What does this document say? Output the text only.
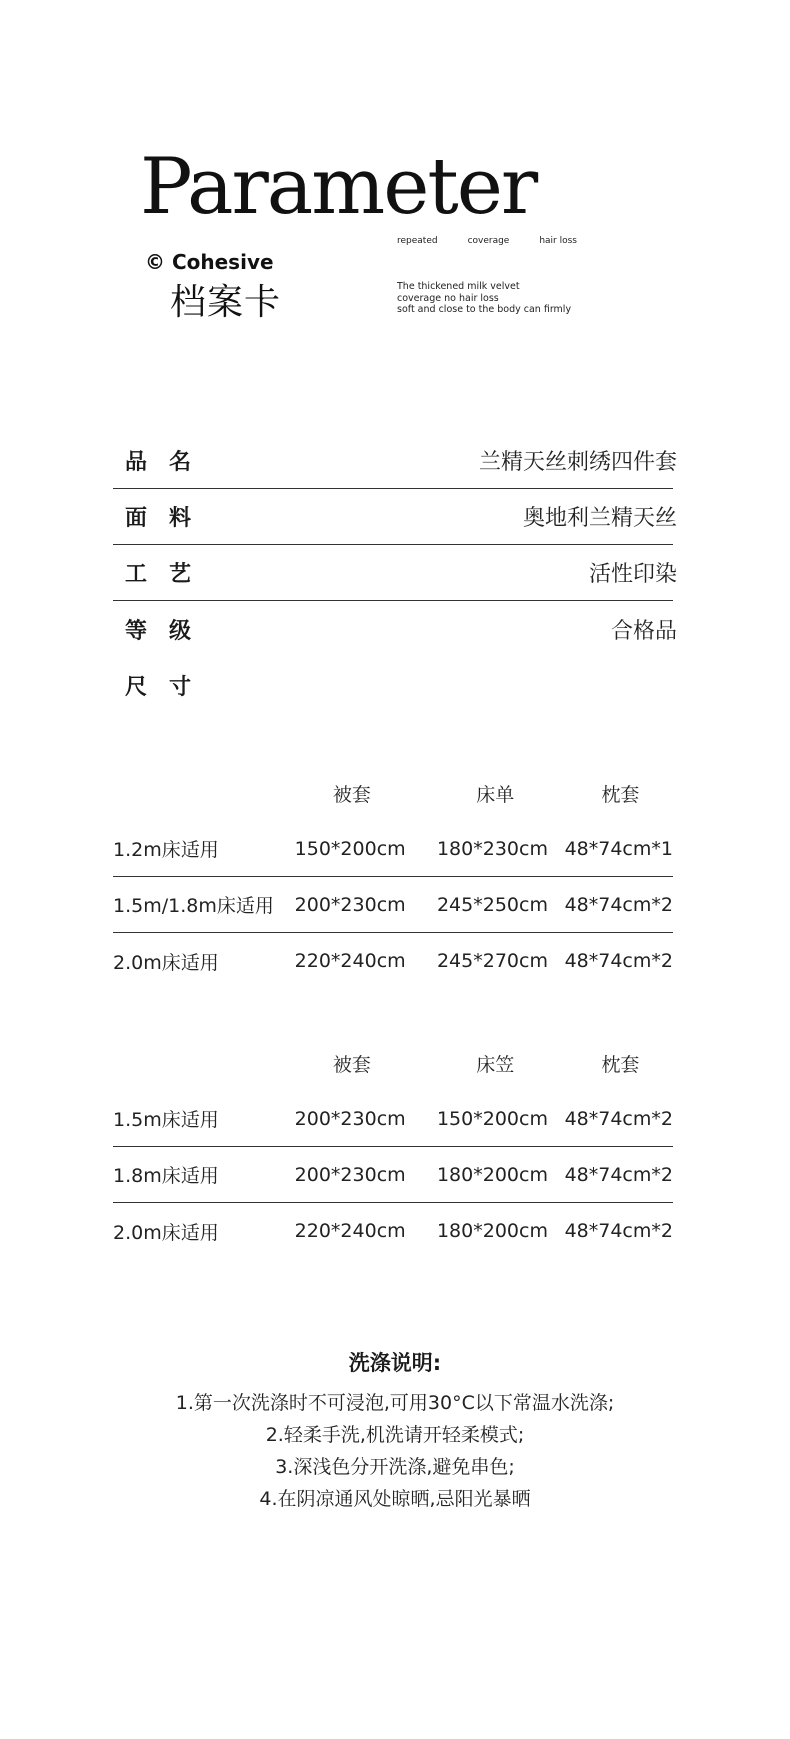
Parameter
repeated	coverage	hair loss
© Cohesive
档案卡	The thickened milk velvet
coverage no hair loss
soft and close to the body can firmly
品名	兰精天丝刺绣四件套
面料	奥地利兰精天丝
工艺	活性印染
等级	合格品
尺寸
被套	床单	枕套
1.2m床适用	150*200cm	180*230cm 48*74cm*1
1.5m/1.8m床适用	200*230cm	245*250cm 48*74cm*2
2.0m床适用	220*240cm	245*270cm 48*74cm*2
被套	床笠	枕套
1.5m床适用	200*230cm	150*200cm 48*74cm*2
1.8m床适用	200*230cm	180*200cm 48*74cm*2
2.0m床适用	220*240cm	180*200cm 48*74cm*2
洗涤说明:
1.第一次洗涤时不可浸泡,可用30°C以下常温水洗涤;
2.轻柔手洗,机洗请开轻柔模式;
3.深浅色分开洗涤,避免串色;
4.在阴凉通风处晾晒,忌阳光暴晒
